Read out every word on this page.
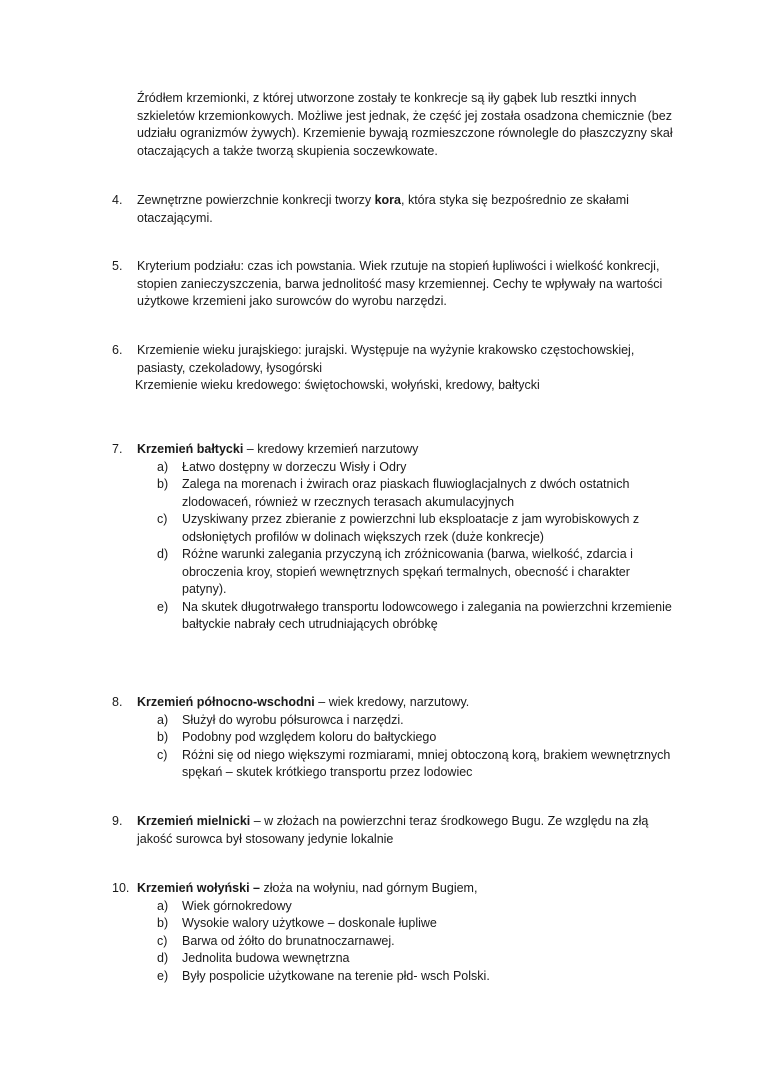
Źródłem krzemionki, z której utworzone zostały te konkrecje są iły gąbek lub resztki innych szkieletów krzemionkowych. Możliwe jest jednak, że część jej została osadzona chemicznie (bez udziału ogranizmów żywych). Krzemienie bywają rozmieszczone równolegle do płaszczyzny skał otaczających a także tworzą skupienia soczewkowate.

4. Zewnętrzne powierzchnie konkrecji tworzy kora, która styka się bezpośrednio ze skałami otaczającymi.

5. Kryterium podziału: czas ich powstania. Wiek rzutuje na stopień łupliwości i wielkość konkrecji, stopien zanieczyszczenia, barwa jednolitość masy krzemiennej. Cechy te wpływały na wartości użytkowe krzemieni jako surowców do wyrobu narzędzi.

6. Krzemienie wieku jurajskiego: jurajski. Występuje na wyżynie krakowsko częstochowskiej, pasiasty, czekoladowy, łysogórski

Krzemienie wieku kredowego: świętochowski, wołyński, kredowy, bałtycki

7. Krzemień bałtycki – kredowy krzemień narzutowy

a) Łatwo dostępny w dorzeczu Wisły i Odry
b) Zalega na morenach i żwirach oraz piaskach fluwioglacjalnych z dwóch ostatnich zlodowaceń, również w rzecznych terasach akumulacyjnych
c) Uzyskiwany przez zbieranie z powierzchni lub eksploatacje z jam wyrobiskowych z odsłoniętych profilów w dolinach większych rzek (duże konkrecje)
d) Różne warunki zalegania przyczyną ich zróżnicowania (barwa, wielkość, zdarcia i obroczenia kroy, stopień wewnętrznych spękań termalnych, obecność i charakter patyny).
e) Na skutek długotrwałego transportu lodowcowego i zalegania na powierzchni krzemienie bałtyckie nabrały cech utrudniających obróbkę
8. Krzemień północno-wschodni – wiek kredowy, narzutowy.

a) Służył do wyrobu półsurowca i narzędzi.
b) Podobny pod względem koloru do bałtyckiego
c) Różni się od niego większymi rozmiarami, mniej obtoczoną korą, brakiem wewnętrznych spękań – skutek krótkiego transportu przez lodowiec
9. Krzemień mielnicki – w złożach na powierzchni teraz środkowego Bugu. Ze względu na złą jakość surowca był stosowany jedynie lokalnie

10. Krzemień wołyński – złoża na wołyniu, nad górnym Bugiem,

a) Wiek górnokredowy
b) Wysokie walory użytkowe – doskonale łupliwe
c) Barwa od żółto do brunatnoczarnawej.
d) Jednolita budowa wewnętrzna
e) Były pospolicie użytkowane na terenie płd- wsch Polski.
